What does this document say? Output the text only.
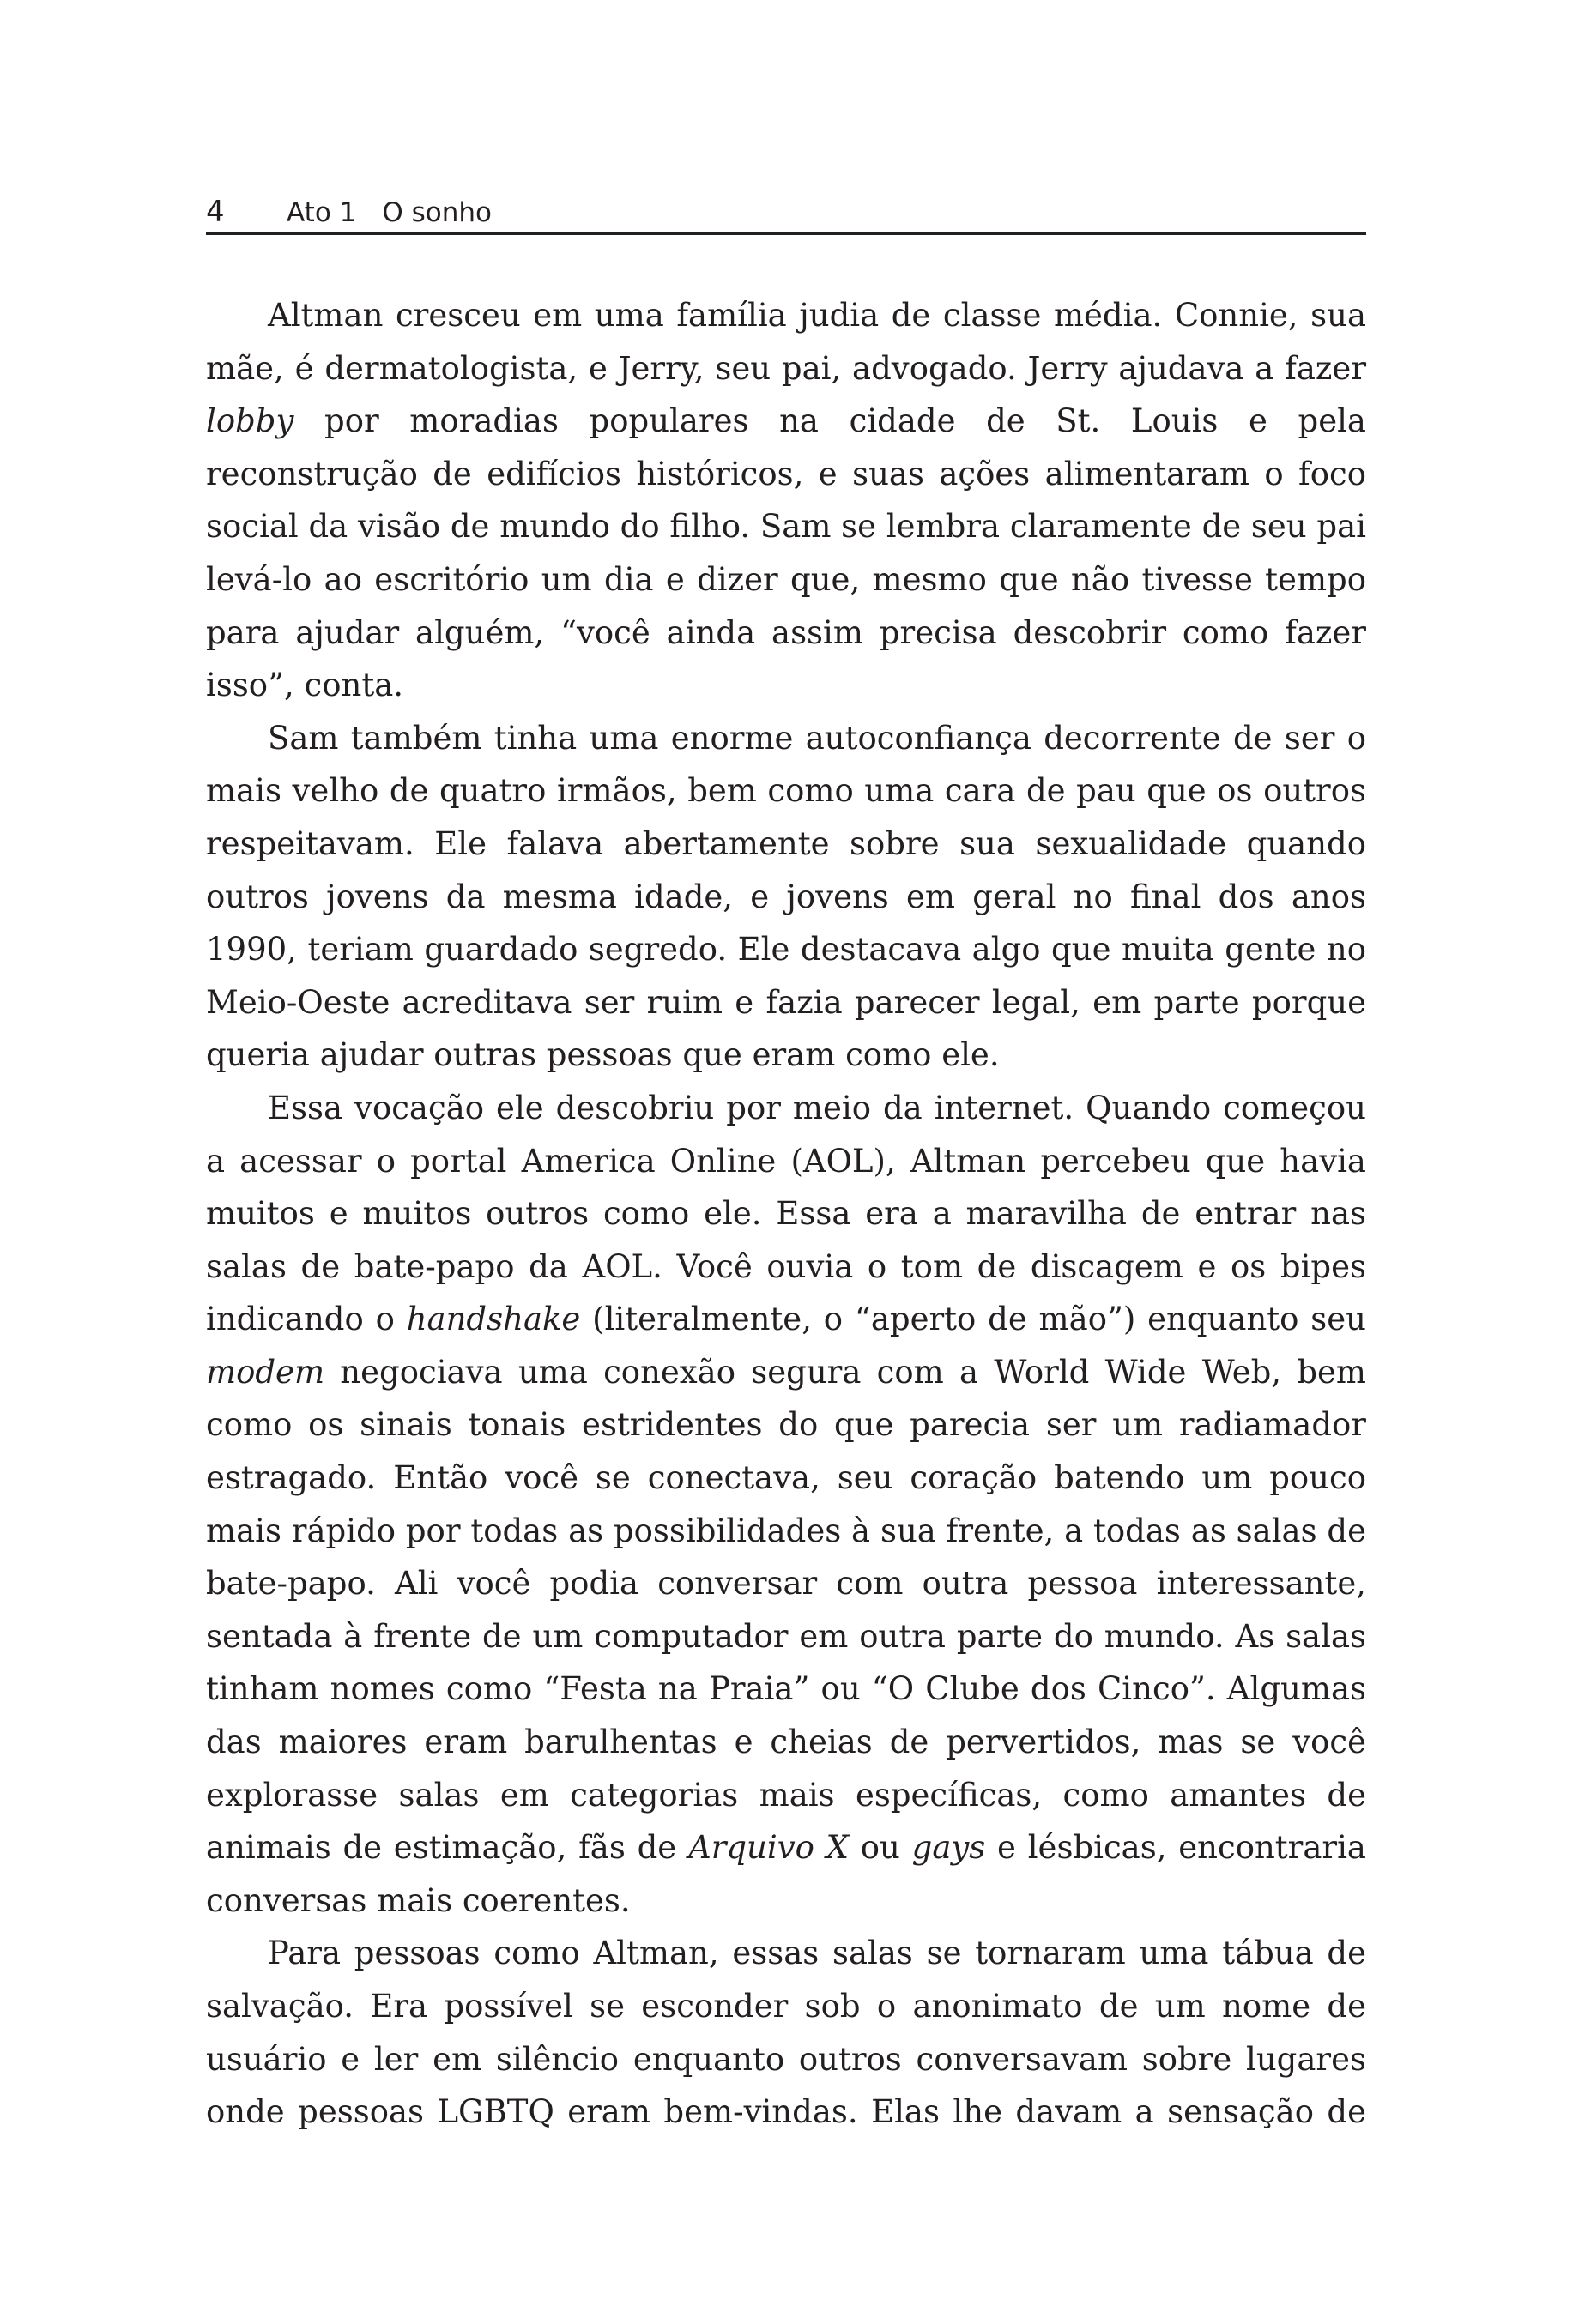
4 Ato 1 O sonho

Altman cresceu em uma família judia de classe média. Connie, sua mãe, é dermatologista, e Jerry, seu pai, advogado. Jerry ajudava a fazer lobby por moradias populares na cidade de St. Louis e pela reconstrução de edifícios históricos, e suas ações alimentaram o foco social da visão de mundo do filho. Sam se lembra claramente de seu pai levá-lo ao escritório um dia e dizer que, mesmo que não tivesse tempo para ajudar alguém, “você ainda assim precisa descobrir como fazer isso”, conta.

Sam também tinha uma enorme autoconfiança decorrente de ser o mais velho de quatro irmãos, bem como uma cara de pau que os outros respeitavam. Ele falava abertamente sobre sua sexualidade quando outros jovens da mesma idade, e jovens em geral no final dos anos 1990, teriam guardado segredo. Ele destacava algo que muita gente no Meio-Oeste acreditava ser ruim e fazia parecer legal, em parte porque queria ajudar outras pessoas que eram como ele.

Essa vocação ele descobriu por meio da internet. Quando começou a acessar o portal America Online (AOL), Altman percebeu que havia muitos e muitos outros como ele. Essa era a maravilha de entrar nas salas de bate-papo da AOL. Você ouvia o tom de discagem e os bipes indicando o handshake (literalmente, o “aperto de mão”) enquanto seu modem negociava uma conexão segura com a World Wide Web, bem como os sinais tonais estridentes do que parecia ser um radiamador estragado. Então você se conectava, seu coração batendo um pouco mais rápido por todas as possibilidades à sua frente, a todas as salas de bate-papo. Ali você podia conversar com outra pessoa interessante, sentada à frente de um computador em outra parte do mundo. As salas tinham nomes como “Festa na Praia” ou “O Clube dos Cinco”. Algumas das maiores eram barulhentas e cheias de pervertidos, mas se você explorasse salas em categorias mais específicas, como amantes de animais de estimação, fãs de Arquivo X ou gays e lésbicas, encontraria conversas mais coerentes.

Para pessoas como Altman, essas salas se tornaram uma tábua de salvação. Era possível se esconder sob o anonimato de um nome de usuário e ler em silêncio enquanto outros conversavam sobre lugares onde pessoas LGBTQ eram bem-vindas. Elas lhe davam a sensação de
